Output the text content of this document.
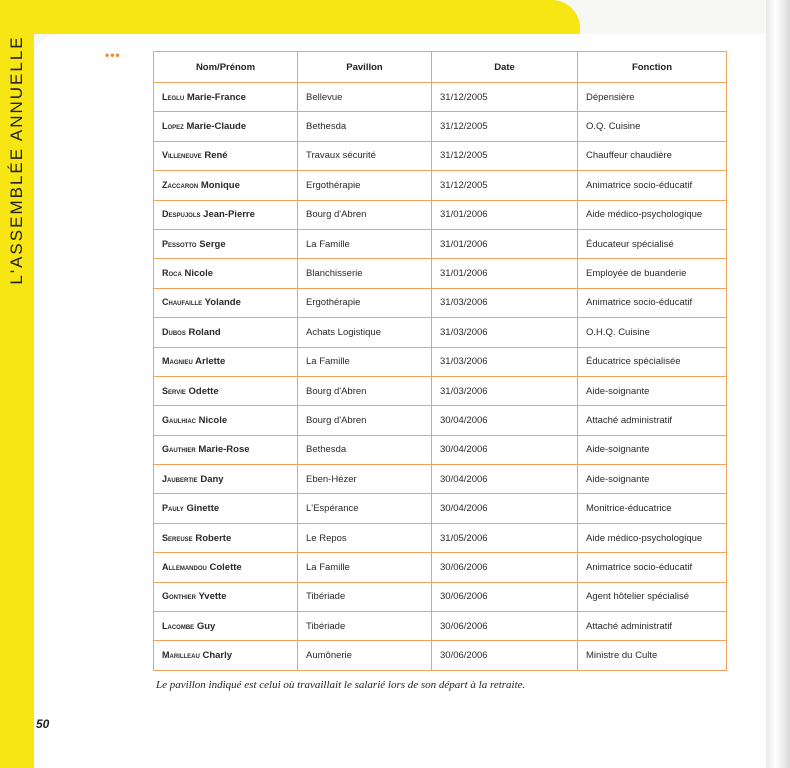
L'ASSEMBLÉE ANNUELLE	•••
Nom/Prénom	Pavillon	Date	Fonction
Leglu Marie-France	Bellevue	31/12/2005	Dépensière
Lopez Marie-Claude	Bethesda	31/12/2005	O.Q. Cuisine
Villeneuve René	Travaux sécurité	31/12/2005	Chauffeur chaudière
Zaccaron Monique	Ergothérapie	31/12/2005	Animatrice socio-éducatif
Despujols Jean-Pierre	Bourg d'Abren	31/01/2006	Aide médico-psychologique
Pessotto Serge	La Famille	31/01/2006	Éducateur spécialisé
Roca Nicole	Blanchisserie	31/01/2006	Employée de buanderie
Chaufaille Yolande	Ergothérapie	31/03/2006	Animatrice socio-éducatif
Dubos Roland	Achats Logistique	31/03/2006	O.H.Q. Cuisine
Magnieu Arlette	La Famille	31/03/2006	Éducatrice spécialisée
Servie Odette	Bourg d'Abren	31/03/2006	Aide-soignante
Gaulhiac Nicole	Bourg d'Abren	30/04/2006	Attaché administratif
Gauthier Marie-Rose	Bethesda	30/04/2006	Aide-soignante
Jaubertie Dany	Eben-Hézer	30/04/2006	Aide-soignante
Pauly Ginette	L'Espérance	30/04/2006	Monitrice-éducatrice
Sereuse Roberte	Le Repos	31/05/2006	Aide médico-psychologique
Allemandou Colette	La Famille	30/06/2006	Animatrice socio-éducatif
Gonthier Yvette	Tibériade	30/06/2006	Agent hôtelier spécialisé
Lacombe Guy	Tibériade	30/06/2006	Attaché administratif
Marilleau Charly	Aumônerie	30/06/2006	Ministre du Culte
Le pavillon indiqué est celui où travaillait le salarié lors de son départ à la retraite.
50
